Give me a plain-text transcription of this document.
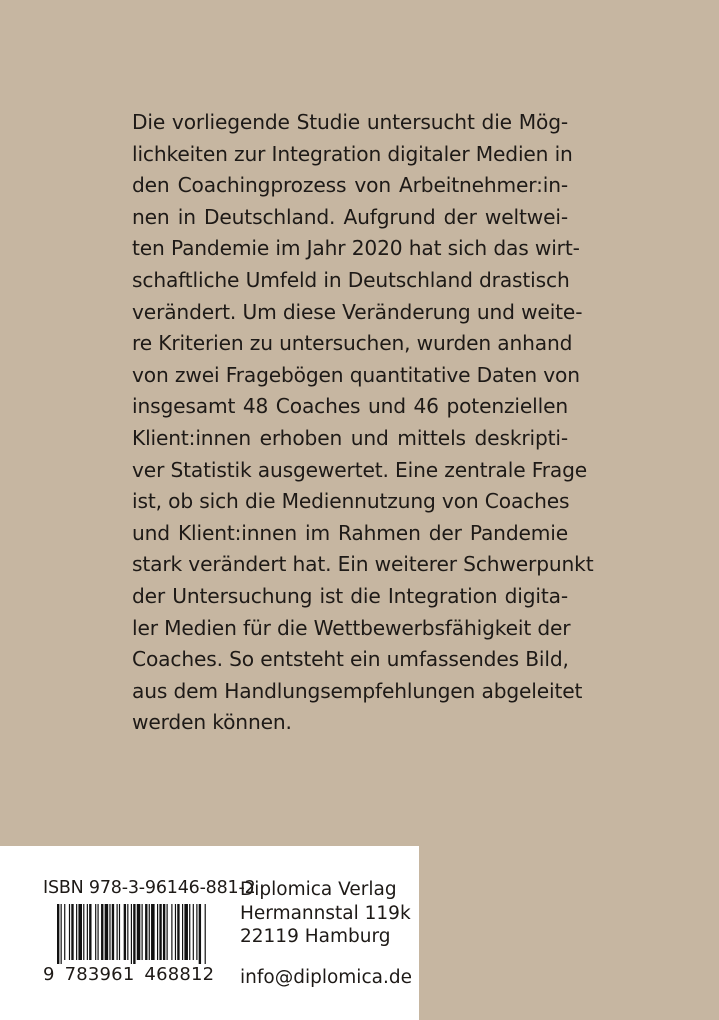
Die vorliegende Studie untersucht die Mög-
lichkeiten zur Integration digitaler Medien in
den Coachingprozess von Arbeitnehmer:in-
nen in Deutschland. Aufgrund der weltwei-
ten Pandemie im Jahr 2020 hat sich das wirt-
schaftliche Umfeld in Deutschland drastisch
verändert. Um diese Veränderung und weite-
re Kriterien zu untersuchen, wurden anhand
von zwei Fragebögen quantitative Daten von
insgesamt 48 Coaches und 46 potenziellen
Klient:innen erhoben und mittels deskripti-
ver Statistik ausgewertet. Eine zentrale Frage
ist, ob sich die Mediennutzung von Coaches
und Klient:innen im Rahmen der Pandemie
stark verändert hat. Ein weiterer Schwerpunkt
der Untersuchung ist die Integration digita-
ler Medien für die Wettbewerbsfähigkeit der
Coaches. So entsteht ein umfassendes Bild,
aus dem Handlungsempfehlungen abgeleitet
werden können.
ISBN 978-3-96146-881-2
9 783961 468812
Diplomica Verlag
Hermannstal 119k
22119 Hamburg
info@diplomica.de
